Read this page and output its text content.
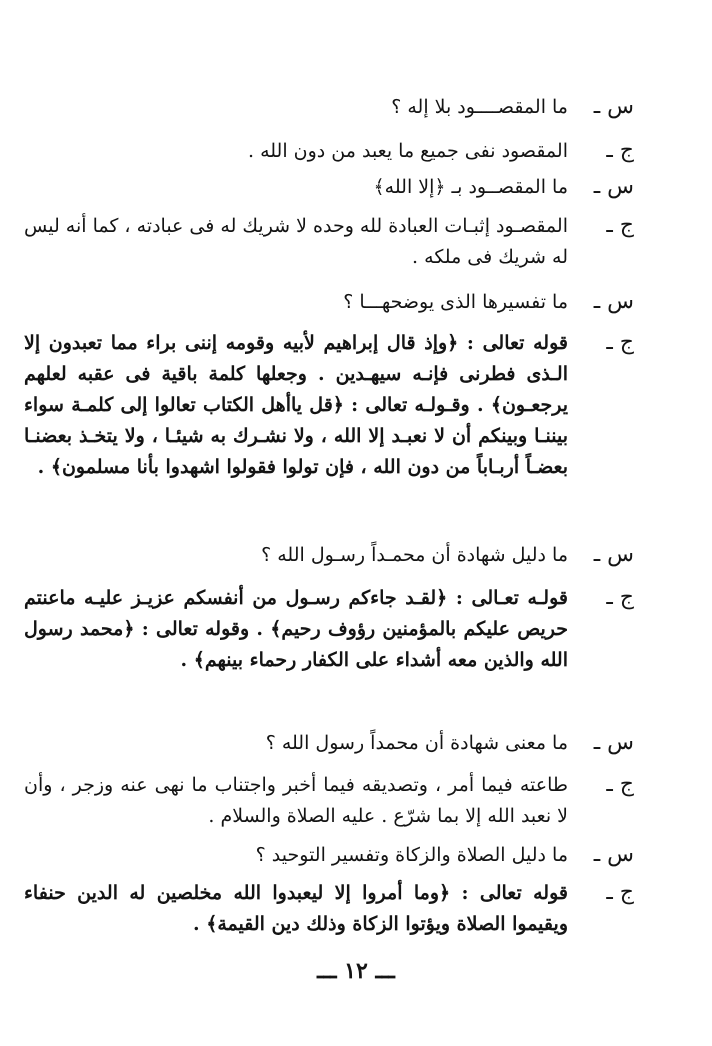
س ـ
ما المقصــــود بلا إله ؟
ج ـ
المقصود نفى جميع ما يعبد من دون الله .
س ـ
ما المقصــود بـ ﴿إلا الله﴾
ج ـ
المقصـود إثبـات العبادة لله وحده لا شريك له فى عبادته ، كما أنه ليس له شريك فى ملكه .
س ـ
ما تفسيرها الذى يوضحهـــا ؟
ج ـ
قوله تعالى : ﴿وإذ قال إبراهيم لأبيه وقومه إننى براء مما تعبدون إلا الـذى فطرنى فإنـه سيهـدين . وجعلها كلمة باقية فى عقبه لعلهم يرجعـون﴾ . وقـولـه تعالى : ﴿قل ياأهل الكتاب تعالوا إلى كلمـة سواء بيننـا وبينكم أن لا نعبـد إلا الله ، ولا نشـرك به شيئـا ، ولا يتخـذ بعضنـا بعضـاً أربـاباً من دون الله ، فإن تولوا فقولوا اشهدوا بأنا مسلمون﴾ .
س ـ
ما دليل شهادة أن محمـداً رسـول الله ؟
ج ـ
قولـه تعـالى : ﴿لقـد جاءكم رسـول من أنفسكم عزيـز عليـه ماعنتم حريص عليكم بالمؤمنين رؤوف رحيم﴾ . وقوله تعالى : ﴿محمد رسول الله والذين معه أشداء على الكفار رحماء بينهم﴾ .
س ـ
ما معنى شهادة أن محمداً رسول الله ؟
ج ـ
طاعته فيما أمر ، وتصديقه فيما أخبر واجتناب ما نهى عنه وزجر ، وأن لا نعبد الله إلا بما شرّع . عليه الصلاة والسلام .
س ـ
ما دليل الصلاة والزكاة وتفسير التوحيد ؟
ج ـ
قوله تعالى : ﴿وما أمروا إلا ليعبدوا الله مخلصين له الدين حنفاء ويقيموا الصلاة ويؤتوا الزكاة وذلك دين القيمة﴾ .
ـــ ١٢ ـــ
